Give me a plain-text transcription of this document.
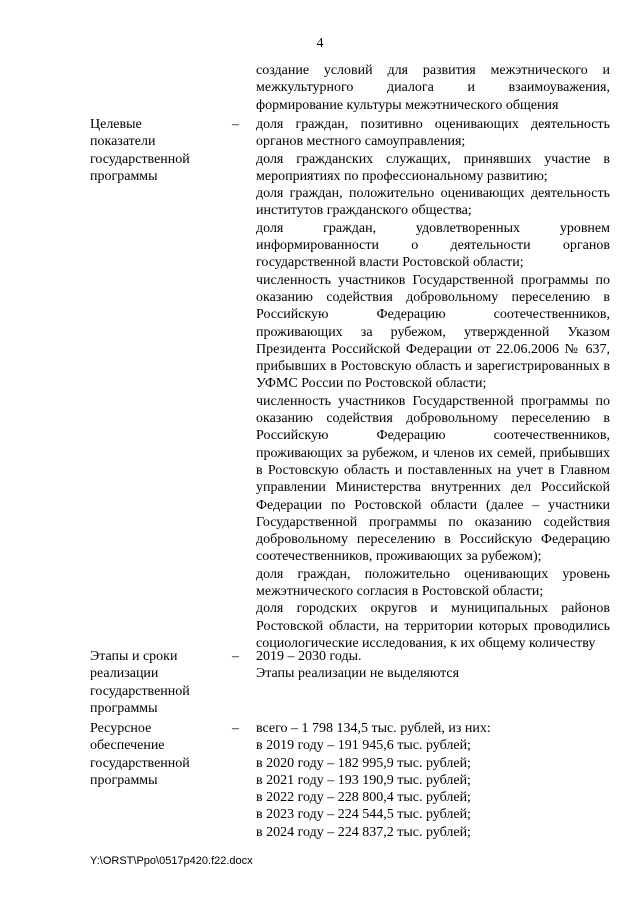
4

создание условий для развития межэтнического и межкультурного диалога и взаимоуважения, формирование культуры межэтнического общения

Целевые показатели государственной программы
– доля граждан, позитивно оценивающих деятельность органов местного самоуправления;

доля гражданских служащих, принявших участие в мероприятиях по профессиональному развитию;

доля граждан, положительно оценивающих деятельность институтов гражданского общества;

доля граждан, удовлетворенных уровнем информированности о деятельности органов государственной власти Ростовской области;

численность участников Государственной программы по оказанию содействия добровольному переселению в Российскую Федерацию соотечественников, проживающих за рубежом, утвержденной Указом Президента Российской Федерации от 22.06.2006 № 637, прибывших в Ростовскую область и зарегистрированных в УФМС России по Ростовской области;

численность участников Государственной программы по оказанию содействия добровольному переселению в Российскую Федерацию соотечественников, проживающих за рубежом, и членов их семей, прибывших в Ростовскую область и поставленных на учет в Главном управлении Министерства внутренних дел Российской Федерации по Ростовской области (далее – участники Государственной программы по оказанию содействия добровольному переселению в Российскую Федерацию соотечественников, проживающих за рубежом);

доля граждан, положительно оценивающих уровень межэтнического согласия в Ростовской области;

доля городских округов и муниципальных районов Ростовской области, на территории которых проводились социологические исследования, к их общему количеству

Этапы и сроки реализации государственной программы
– 2019 – 2030 годы.

Этапы реализации не выделяются

Ресурсное обеспечение государственной программы
– всего – 1 798 134,5 тыс. рублей, из них:

в 2019 году – 191 945,6 тыс. рублей;

в 2020 году – 182 995,9 тыс. рублей;

в 2021 году – 193 190,9 тыс. рублей;

в 2022 году – 228 800,4 тыс. рублей;

в 2023 году – 224 544,5 тыс. рублей;

в 2024 году – 224 837,2 тыс. рублей;

Y:\ORST\Ppo\0517p420.f22.docx
